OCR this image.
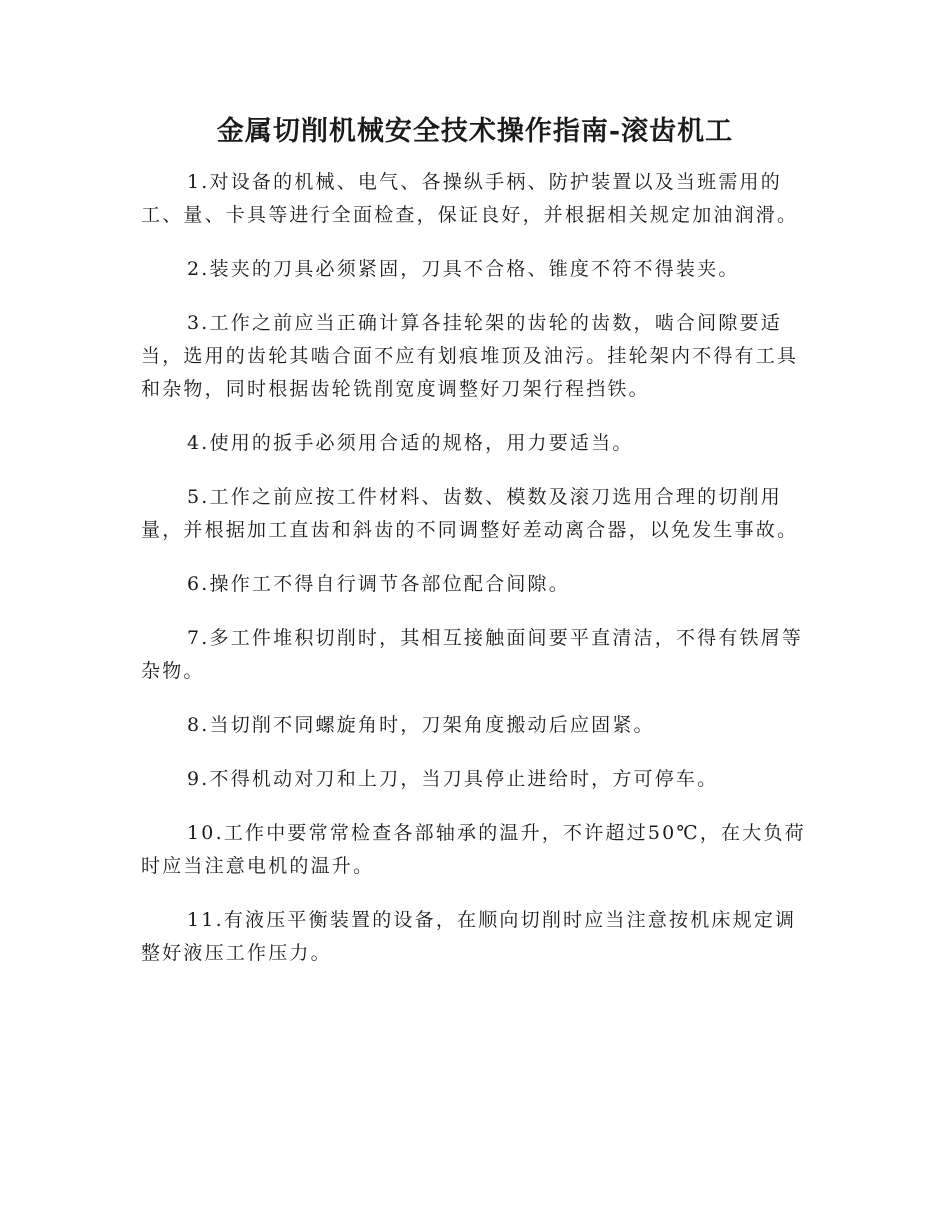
金属切削机械安全技术操作指南-滚齿机工

1.对设备的机械、电气、各操纵手柄、防护装置以及当班需用的工、量、卡具等进行全面检查，保证良好，并根据相关规定加油润滑。

2.装夹的刀具必须紧固，刀具不合格、锥度不符不得装夹。

3.工作之前应当正确计算各挂轮架的齿轮的齿数，啮合间隙要适当，选用的齿轮其啮合面不应有划痕堆顶及油污。挂轮架内不得有工具和杂物，同时根据齿轮铣削宽度调整好刀架行程挡铁。

4.使用的扳手必须用合适的规格，用力要适当。

5.工作之前应按工件材料、齿数、模数及滚刀选用合理的切削用量，并根据加工直齿和斜齿的不同调整好差动离合器，以免发生事故。

6.操作工不得自行调节各部位配合间隙。

7.多工件堆积切削时，其相互接触面间要平直清洁，不得有铁屑等杂物。

8.当切削不同螺旋角时，刀架角度搬动后应固紧。

9.不得机动对刀和上刀，当刀具停止进给时，方可停车。

10.工作中要常常检查各部轴承的温升，不许超过50℃，在大负荷时应当注意电机的温升。

11.有液压平衡装置的设备，在顺向切削时应当注意按机床规定调整好液压工作压力。
